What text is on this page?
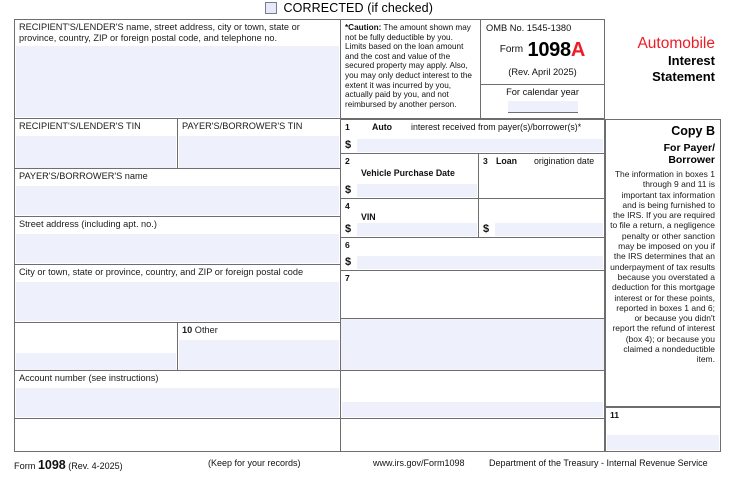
CORRECTED (if checked)
RECIPIENT'S/LENDER'S name, street address, city or town, state or province, country, ZIP or foreign postal code, and telephone no.
RECIPIENT'S/LENDER'S TIN	PAYER'S/BORROWER'S TIN
PAYER'S/BORROWER'S name
Street address (including apt. no.)
City or town, state or province, country, and ZIP or foreign postal code
10 Other
Account number (see instructions)

*Caution: The amount shown may not be fully deductible by you. Limits based on the loan amount and the cost and value of the secured property may apply. Also, you may only deduct interest to the extent it was incurred by you, actually paid by you, and not reimbursed by another person.

OMB No. 1545-1380
$^{Form}$ 1098A
(Rev. April 2025)
For calendar year
Automobile
Interest
Statement
1	Auto interest received from payer(s)/borrower(s)*
$
2
Vehicle Purchase Date
$
3 Loan origination date
4
VIN
$	$
6
$
7
Copy B
For Payer/
Borrower
The information in boxes 1 through 9 and 11 is important tax information and is being furnished to the IRS. If you are required to file a return, a negligence penalty or other sanction may be imposed on you if the IRS determines that an underpayment of tax results because you overstated a deduction for this mortgage interest or for these points, reported in boxes 1 and 6; or because you didn't report the refund of interest (box 4); or because you claimed a nondeductible item.
11
Form 1098 (Rev. 4-2025)	(Keep for your records)	www.irs.gov/Form1098	Department of the Treasury - Internal Revenue Service
